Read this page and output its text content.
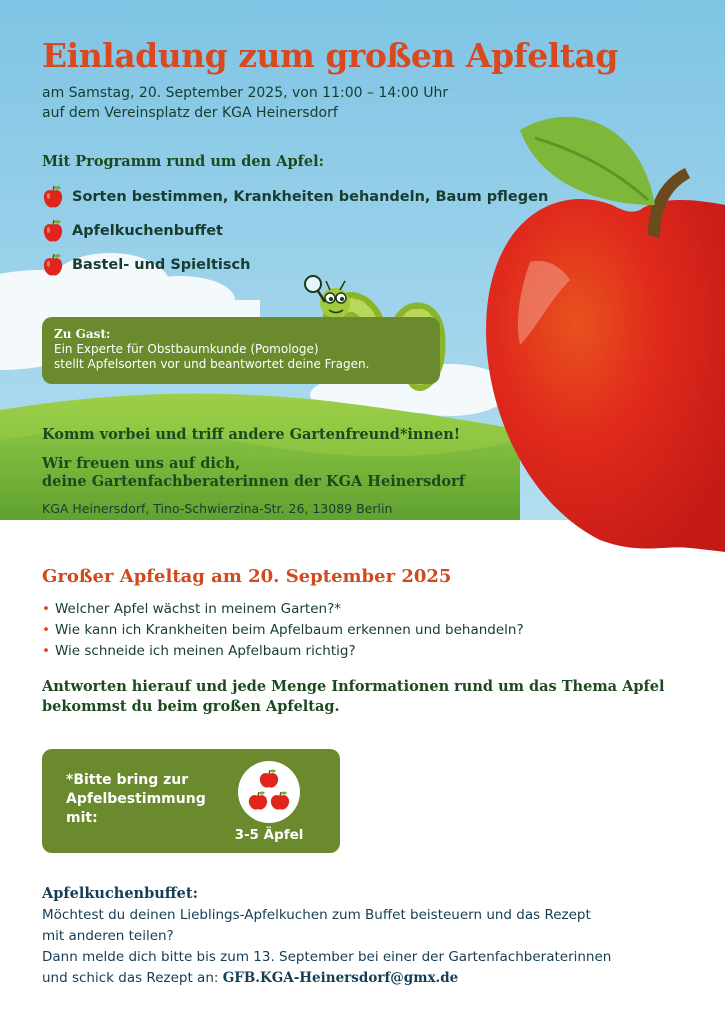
Einladung zum großen Apfeltag
am Samstag, 20. September 2025, von 11:00 – 14:00 Uhr
auf dem Vereinsplatz der KGA Heinersdorf
Mit Programm rund um den Apfel:
Sorten bestimmen, Krankheiten behandeln, Baum pflegen
Apfelkuchenbuffet
Bastel- und Spieltisch
Zu Gast:
Ein Experte für Obstbaumkunde (Pomologe)
stellt Apfelsorten vor und beantwortet deine Fragen.
Komm vorbei und triff andere Gartenfreund*innen!
Wir freuen uns auf dich,
deine Gartenfachberaterinnen der KGA Heinersdorf
KGA Heinersdorf, Tino-Schwierzina-Str. 26, 13089 Berlin
Großer Apfeltag am 20. September 2025
• Welcher Apfel wächst in meinem Garten?*
• Wie kann ich Krankheiten beim Apfelbaum erkennen und behandeln?
• Wie schneide ich meinen Apfelbaum richtig?
Antworten hierauf und jede Menge Informationen rund um das Thema Apfel bekommst du beim großen Apfeltag.
*Bitte bring zur
Apfelbestimmung
mit:
3-5 Äpfel
Apfelkuchenbuffet:
Möchtest du deinen Lieblings-Apfelkuchen zum Buffet beisteuern und das Rezept
mit anderen teilen?
Dann melde dich bitte bis zum 13. September bei einer der Gartenfachberaterinnen
und schick das Rezept an: GFB.KGA-Heinersdorf@gmx.de
